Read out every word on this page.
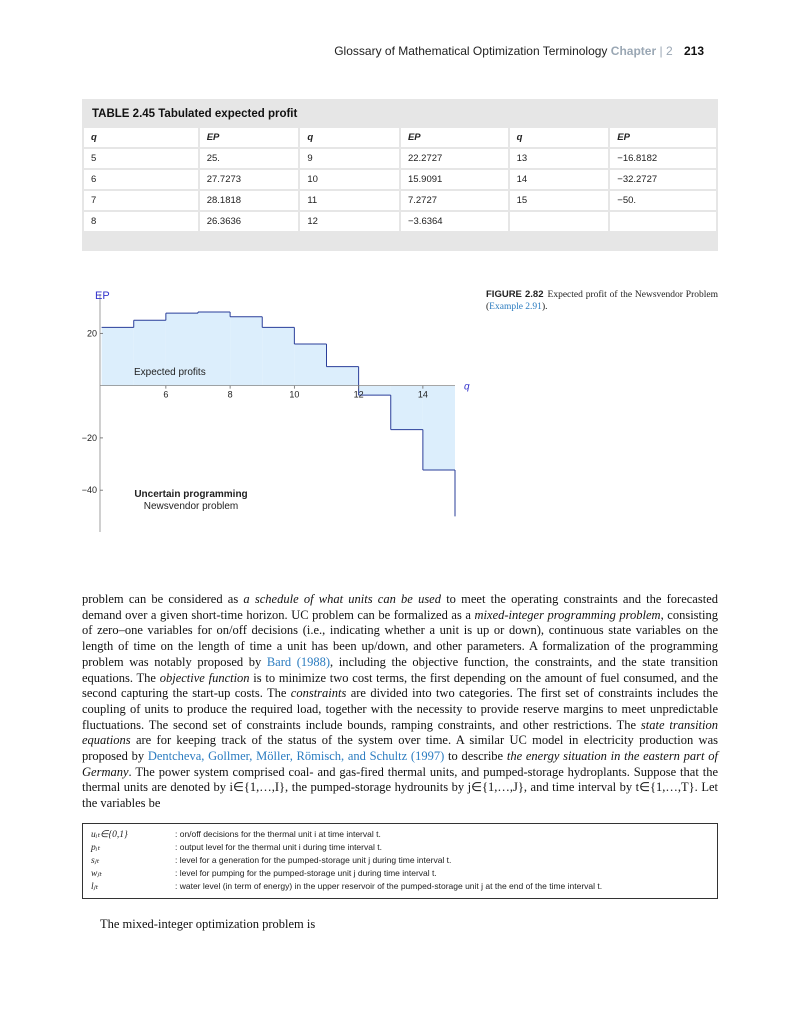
Glossary of Mathematical Optimization Terminology Chapter | 2 213
TABLE 2.45 Tabulated expected profit
q	EP	q	EP	q	EP
5	25.	9	22.2727	13	−16.8182
6	27.7273	10	15.9091	14	−32.2727
7	28.1818	11	7.2727	15	−50.
8	26.3636	12	−3.6364		
6	8	10	12	14
20
−20
−40
EP
q
Expected profits
Uncertain programming
Newsvendor problem
FIGURE 2.82 Expected profit of the Newsvendor Problem (Example 2.91).
problem can be considered as a schedule of what units can be used to meet the operating constraints and the forecasted demand over a given short-time horizon. UC problem can be formalized as a mixed-integer programming problem, consisting of zero–one variables for on/off decisions (i.e., indicating whether a unit is up or down), continuous state variables on the length of time on the length of time a unit has been up/down, and other parameters. A formalization of the programming problem was notably proposed by Bard (1988), including the objective function, the constraints, and the state transition equations. The objective function is to minimize two cost terms, the first depending on the amount of fuel consumed, and the second capturing the start-up costs. The constraints are divided into two categories. The first set of constraints includes the coupling of units to produce the required load, together with the necessity to provide reserve margins to meet unpredictable fluctuations. The second set of constraints include bounds, ramping constraints, and other restrictions. The state transition equations are for keeping track of the status of the system over time. A similar UC model in electricity production was proposed by Dentcheva, Gollmer, Möller, Römisch, and Schultz (1997) to describe the energy situation in the eastern part of Germany. The power system comprised coal- and gas-fired thermal units, and pumped-storage hydroplants. Suppose that the thermal units are denoted by i∈{1,…,I}, the pumped-storage hydrounits by j∈{1,…,J}, and time interval by t∈{1,…,T}. Let the variables be
uᵢₜ∈{0,1}	: on/off decisions for the thermal unit i at time interval t.
pᵢₜ	: output level for the thermal unit i during time interval t.
sⱼₜ	: level for a generation for the pumped-storage unit j during time interval t.
wⱼₜ	: level for pumping for the pumped-storage unit j during time interval t.
lⱼₜ	: water level (in term of energy) in the upper reservoir of the pumped-storage unit j at the end of the time interval t.
The mixed-integer optimization problem is
